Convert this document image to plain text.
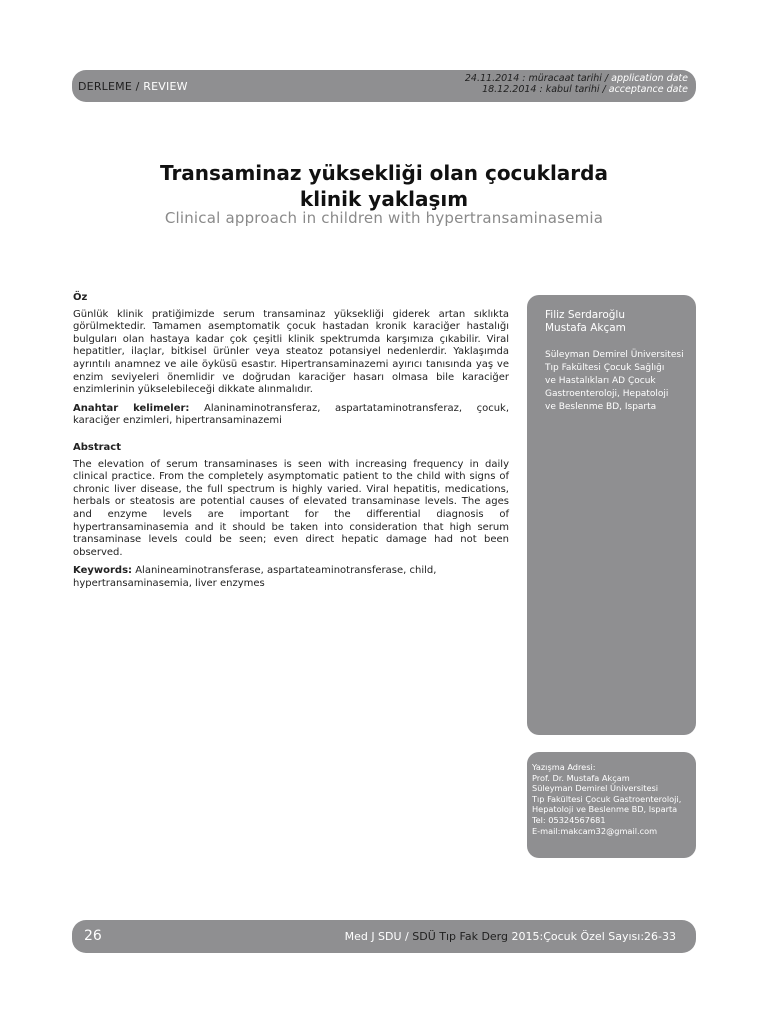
DERLEME / REVIEW
24.11.2014 : müracaat tarihi / application date
18.12.2014 : kabul tarihi / acceptance date
Transaminaz yüksekliği olan çocuklarda
klinik yaklaşım
Clinical approach in children with hypertransaminasemia
Öz

Günlük klinik pratiğimizde serum transaminaz yüksekliği giderek artan sıklıkta görülmektedir. Tamamen asemptomatik çocuk hastadan kronik karaciğer hastalığı bulguları olan hastaya kadar çok çeşitli klinik spektrumda karşımıza çıkabilir. Viral hepatitler, ilaçlar, bitkisel ürünler veya steatoz potansiyel nedenlerdir. Yaklaşımda ayrıntılı anamnez ve aile öyküsü esastır. Hipertransaminazemi ayırıcı tanısında yaş ve enzim seviyeleri önemlidir ve doğrudan karaciğer hasarı olmasa bile karaciğer enzimlerinin yükselebileceği dikkate alınmalıdır.

Anahtar kelimeler: Alaninaminotransferaz, aspartataminotransferaz, çocuk, karaciğer enzimleri, hipertransaminazemi

Abstract

The elevation of serum transaminases is seen with increasing frequency in daily clinical practice. From the completely asymptomatic patient to the child with signs of chronic liver disease, the full spectrum is highly varied. Viral hepatitis, medications, herbals or steatosis are potential causes of elevated transaminase levels. The ages and enzyme levels are important for the differential diagnosis of hypertransaminasemia and it should be taken into consideration that high serum transaminase levels could be seen; even direct hepatic damage had not been observed.

Keywords: Alanineaminotransferase, aspartateaminotransferase, child, hypertransaminasemia, liver enzymes

Filiz Serdaroğlu
Mustafa Akçam
Süleyman Demirel Üniversitesi
Tıp Fakültesi Çocuk Sağlığı
ve Hastalıkları AD Çocuk
Gastroenteroloji, Hepatoloji
ve Beslenme BD, Isparta
Yazışma Adresi:
Prof. Dr. Mustafa Akçam
Süleyman Demirel Üniversitesi
Tıp Fakültesi Çocuk Gastroenteroloji,
Hepatoloji ve Beslenme BD, Isparta
Tel: 05324567681
E-mail:makcam32@gmail.com
26	Med J SDU / SDÜ Tıp Fak Derg 2015:Çocuk Özel Sayısı:26-33
